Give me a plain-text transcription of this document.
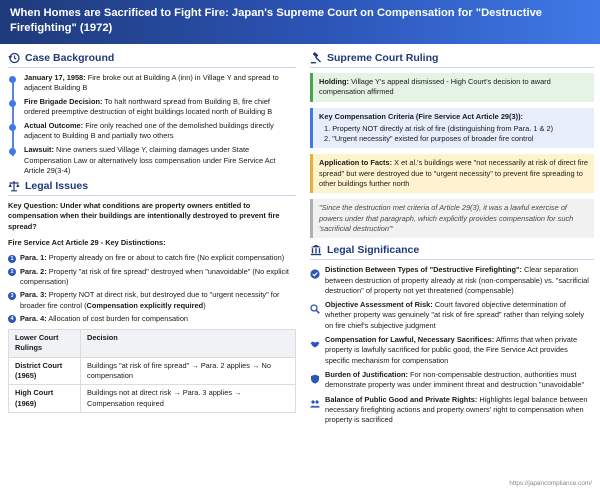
When Homes are Sacrificed to Fight Fire: Japan's Supreme Court on Compensation for "Destructive Firefighting" (1972)
Case Background
January 17, 1958: Fire broke out at Building A (inn) in Village Y and spread to adjacent Building B
Fire Brigade Decision: To halt northward spread from Building B, fire chief ordered preemptive destruction of eight buildings located north of Building B
Actual Outcome: Fire only reached one of the demolished buildings directly adjacent to Building B and partially two others
Lawsuit: Nine owners sued Village Y, claiming damages under State Compensation Law or alternatively loss compensation under Fire Service Act Article 29(3-4)
Legal Issues
Key Question: Under what conditions are property owners entitled to compensation when their buildings are intentionally destroyed to prevent fire spread?
Fire Service Act Article 29 - Key Distinctions:
1 Para. 1: Property already on fire or about to catch fire (No explicit compensation)
2 Para. 2: Property "at risk of fire spread" destroyed when "unavoidable" (No explicit compensation)
3 Para. 3: Property NOT at direct risk, but destroyed due to "urgent necessity" for broader fire control (Compensation explicitly required)
4 Para. 4: Allocation of cost burden for compensation
Lower Court Rulings	Decision
District Court (1965)	Buildings "at risk of fire spread" → Para. 2 applies → No compensation
High Court (1969)	Buildings not at direct risk → Para. 3 applies → Compensation required
Supreme Court Ruling
Holding: Village Y's appeal dismissed - High Court's decision to award compensation affirmed
Key Compensation Criteria (Fire Service Act Article 29(3)):
1. Property NOT directly at risk of fire (distinguishing from Para. 1 & 2)
2. "Urgent necessity" existed for purposes of broader fire control
Application to Facts: X et al.'s buildings were "not necessarily at risk of direct fire spread" but were destroyed due to "urgent necessity" to prevent fire spreading to other buildings further north
"Since the destruction met criteria of Article 29(3), it was a lawful exercise of powers under that paragraph, which explicitly provides compensation for such 'sacrificial destruction'"
Legal Significance
Distinction Between Types of "Destructive Firefighting": Clear separation between destruction of property already at risk (non-compensable) vs. "sacrificial destruction" of property not yet threatened (compensable)
Objective Assessment of Risk: Court favored objective determination of whether property was genuinely "at risk of fire spread" rather than relying solely on fire chief's subjective judgment
Compensation for Lawful, Necessary Sacrifices: Affirms that when private property is lawfully sacrificed for public good, the Fire Service Act provides specific mechanism for compensation
Burden of Justification: For non-compensable destruction, authorities must demonstrate property was under imminent threat and destruction "unavoidable"
Balance of Public Good and Private Rights: Highlights legal balance between necessary firefighting actions and property owners' right to compensation when property is sacrificed
https://japancompliance.com/
